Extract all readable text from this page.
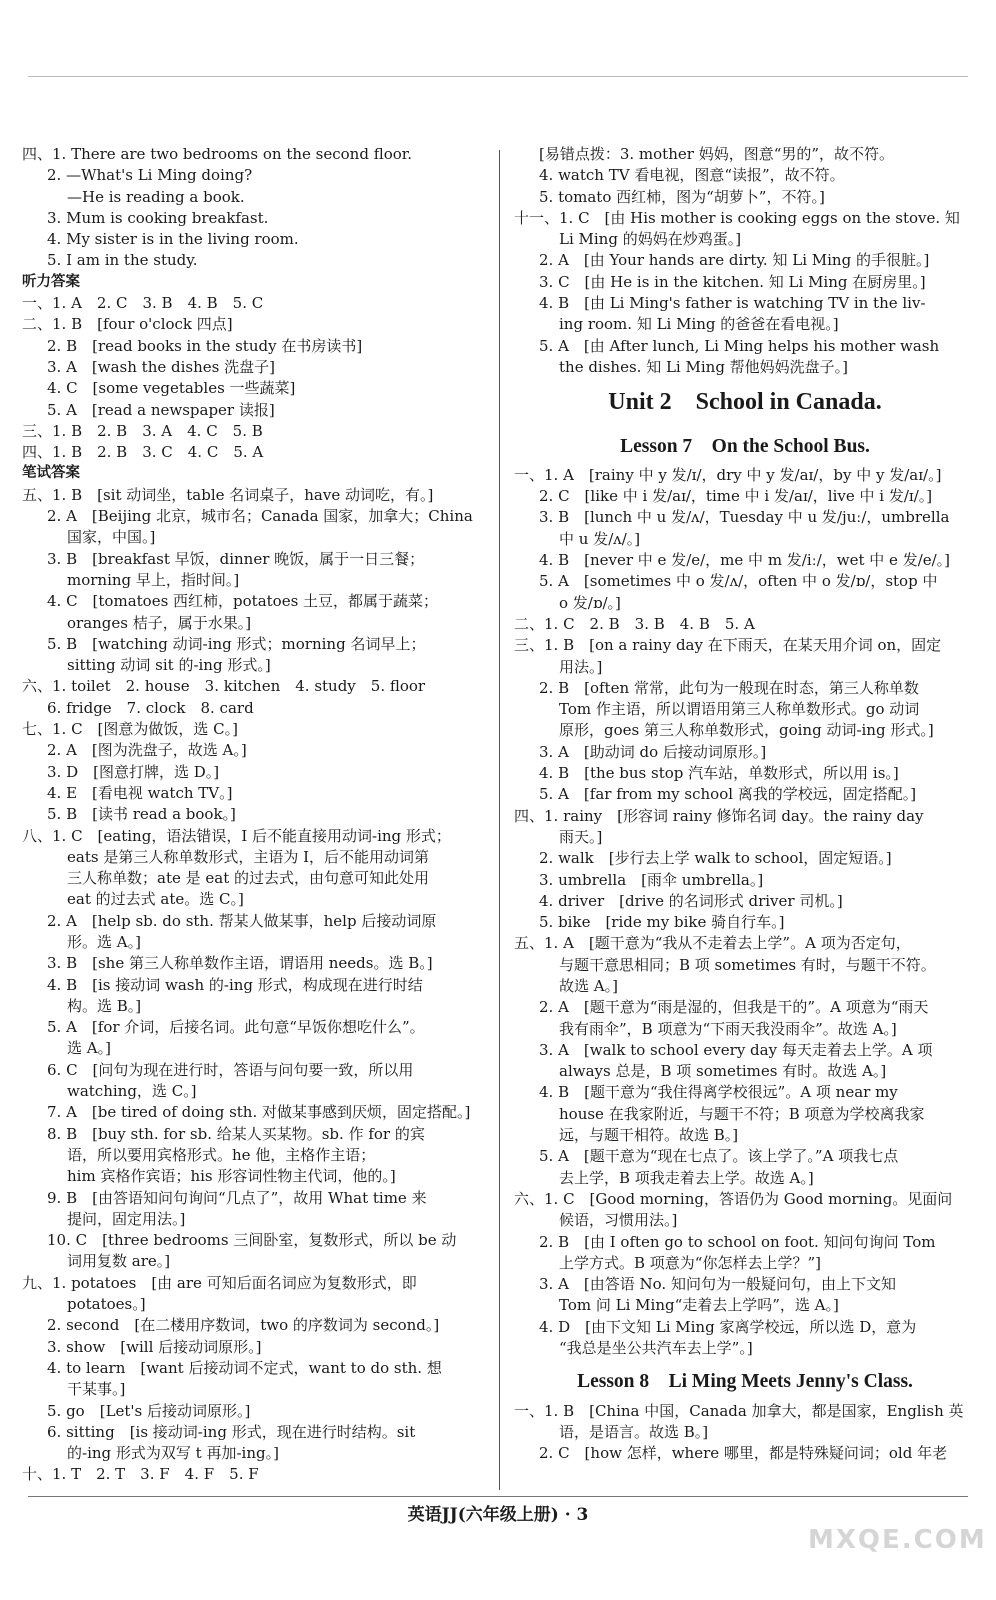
四、1. There are two bedrooms on the second floor.
2. —What's Li Ming doing?
—He is reading a book.
3. Mum is cooking breakfast.
4. My sister is in the living room.
5. I am in the study.
听力答案
一、1. A　2. C　3. B　4. B　5. C
二、1. B　[four o'clock 四点]
2. B　[read books in the study 在书房读书]
3. A　[wash the dishes 洗盘子]
4. C　[some vegetables 一些蔬菜]
5. A　[read a newspaper 读报]
三、1. B　2. B　3. A　4. C　5. B
四、1. B　2. B　3. C　4. C　5. A
笔试答案
五、1. B　[sit 动词坐，table 名词桌子，have 动词吃，有。]
2. A　[Beijing 北京，城市名；Canada 国家，加拿大；China
国家，中国。]
3. B　[breakfast 早饭，dinner 晚饭，属于一日三餐；
morning 早上，指时间。]
4. C　[tomatoes 西红柿，potatoes 土豆，都属于蔬菜；
oranges 桔子，属于水果。]
5. B　[watching 动词-ing 形式；morning 名词早上；
sitting 动词 sit 的-ing 形式。]
六、1. toilet　2. house　3. kitchen　4. study　5. floor
6. fridge　7. clock　8. card
七、1. C　[图意为做饭，选 C。]
2. A　[图为洗盘子，故选 A。]
3. D　[图意打牌，选 D。]
4. E　[看电视 watch TV。]
5. B　[读书 read a book。]
八、1. C　[eating，语法错误，I 后不能直接用动词-ing 形式；
eats 是第三人称单数形式，主语为 I，后不能用动词第
三人称单数；ate 是 eat 的过去式，由句意可知此处用
eat 的过去式 ate。选 C。]
2. A　[help sb. do sth. 帮某人做某事，help 后接动词原
形。选 A。]
3. B　[she 第三人称单数作主语，谓语用 needs。选 B。]
4. B　[is 接动词 wash 的-ing 形式，构成现在进行时结
构。选 B。]
5. A　[for 介词，后接名词。此句意“早饭你想吃什么”。
选 A。]
6. C　[问句为现在进行时，答语与问句要一致，所以用
watching，选 C。]
7. A　[be tired of doing sth. 对做某事感到厌烦，固定搭配。]
8. B　[buy sth. for sb. 给某人买某物。sb. 作 for 的宾
语，所以要用宾格形式。he 他，主格作主语；
him 宾格作宾语；his 形容词性物主代词，他的。]
9. B　[由答语知问句询问“几点了”，故用 What time 来
提问，固定用法。]
10. C　[three bedrooms 三间卧室，复数形式，所以 be 动
词用复数 are。]
九、1. potatoes　[由 are 可知后面名词应为复数形式，即
potatoes。]
2. second　[在二楼用序数词，two 的序数词为 second。]
3. show　[will 后接动词原形。]
4. to learn　[want 后接动词不定式，want to do sth. 想
干某事。]
5. go　[Let's 后接动词原形。]
6. sitting　[is 接动词-ing 形式，现在进行时结构。sit
的-ing 形式为双写 t 再加-ing。]
十、1. T　2. T　3. F　4. F　5. F
[易错点拨：3. mother 妈妈，图意“男的”，故不符。
4. watch TV 看电视，图意“读报”，故不符。
5. tomato 西红柿，图为“胡萝卜”，不符。]
十一、1. C　[由 His mother is cooking eggs on the stove. 知
Li Ming 的妈妈在炒鸡蛋。]
2. A　[由 Your hands are dirty. 知 Li Ming 的手很脏。]
3. C　[由 He is in the kitchen. 知 Li Ming 在厨房里。]
4. B　[由 Li Ming's father is watching TV in the liv-
ing room. 知 Li Ming 的爸爸在看电视。]
5. A　[由 After lunch, Li Ming helps his mother wash
the dishes. 知 Li Ming 帮他妈妈洗盘子。]
Unit 2　School in Canada.
Lesson 7　On the School Bus.
一、1. A　[rainy 中 y 发/ɪ/，dry 中 y 发/aɪ/，by 中 y 发/aɪ/。]
2. C　[like 中 i 发/aɪ/，time 中 i 发/aɪ/，live 中 i 发/ɪ/。]
3. B　[lunch 中 u 发/ʌ/，Tuesday 中 u 发/juː/，umbrella
中 u 发/ʌ/。]
4. B　[never 中 e 发/e/，me 中 m 发/iː/，wet 中 e 发/e/。]
5. A　[sometimes 中 o 发/ʌ/，often 中 o 发/ɒ/，stop 中
o 发/ɒ/。]
二、1. C　2. B　3. B　4. B　5. A
三、1. B　[on a rainy day 在下雨天，在某天用介词 on，固定
用法。]
2. B　[often 常常，此句为一般现在时态，第三人称单数
Tom 作主语，所以谓语用第三人称单数形式。go 动词
原形，goes 第三人称单数形式，going 动词-ing 形式。]
3. A　[助动词 do 后接动词原形。]
4. B　[the bus stop 汽车站，单数形式，所以用 is。]
5. A　[far from my school 离我的学校远，固定搭配。]
四、1. rainy　[形容词 rainy 修饰名词 day。the rainy day
雨天。]
2. walk　[步行去上学 walk to school，固定短语。]
3. umbrella　[雨伞 umbrella。]
4. driver　[drive 的名词形式 driver 司机。]
5. bike　[ride my bike 骑自行车。]
五、1. A　[题干意为“我从不走着去上学”。A 项为否定句，
与题干意思相同；B 项 sometimes 有时，与题干不符。
故选 A。]
2. A　[题干意为“雨是湿的，但我是干的”。A 项意为“雨天
我有雨伞”，B 项意为“下雨天我没雨伞”。故选 A。]
3. A　[walk to school every day 每天走着去上学。A 项
always 总是，B 项 sometimes 有时。故选 A。]
4. B　[题干意为“我住得离学校很远”。A 项 near my
house 在我家附近，与题干不符；B 项意为学校离我家
远，与题干相符。故选 B。]
5. A　[题干意为“现在七点了。该上学了。”A 项我七点
去上学，B 项我走着去上学。故选 A。]
六、1. C　[Good morning，答语仍为 Good morning。见面问
候语，习惯用法。]
2. B　[由 I often go to school on foot. 知问句询问 Tom
上学方式。B 项意为“你怎样去上学？”]
3. A　[由答语 No. 知问句为一般疑问句，由上下文知
Tom 问 Li Ming“走着去上学吗”，选 A。]
4. D　[由下文知 Li Ming 家离学校远，所以选 D，意为
“我总是坐公共汽车去上学”。]
Lesson 8　Li Ming Meets Jenny's Class.
一、1. B　[China 中国，Canada 加拿大，都是国家，English 英
语，是语言。故选 B。]
2. C　[how 怎样，where 哪里，都是特殊疑问词；old 年老
英语JJ(六年级上册) · 3
MXQE.COM
